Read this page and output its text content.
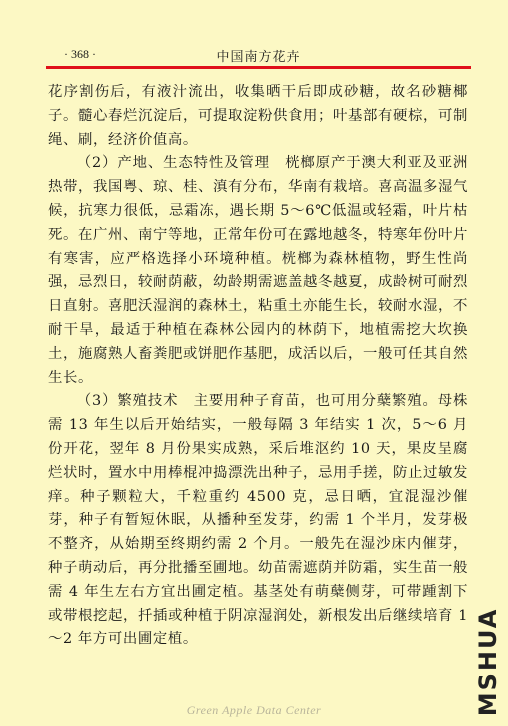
· 368 ·	中国南方花卉

花序割伤后，有液汁流出，收集晒干后即成砂糖，故名砂糖椰子。髓心春烂沉淀后，可提取淀粉供食用；叶基部有硬棕，可制绳、刷，经济价值高。

（2）产地、生态特性及管理　桄榔原产于澳大利亚及亚洲热带，我国粤、琼、桂、滇有分布，华南有栽培。喜高温多湿气候，抗寒力很低，忌霜冻，遇长期 5～6℃低温或轻霜，叶片枯死。在广州、南宁等地，正常年份可在露地越冬，特寒年份叶片有寒害，应严格选择小环境种植。桄榔为森林植物，野生性尚强，忌烈日，较耐荫蔽，幼龄期需遮盖越冬越夏，成龄树可耐烈日直射。喜肥沃湿润的森林土，粘重土亦能生长，较耐水湿，不耐干旱，最适于种植在森林公园内的林荫下，地植需挖大坎换土，施腐熟人畜粪肥或饼肥作基肥，成活以后，一般可任其自然生长。

（3）繁殖技术　主要用种子育苗，也可用分蘖繁殖。母株需 13 年生以后开始结实，一般每隔 3 年结实 1 次，5～6 月份开花，翌年 8 月份果实成熟，采后堆沤约 10 天，果皮呈腐烂状时，置水中用棒棍冲捣漂洗出种子，忌用手搓，防止过敏发痒。种子颗粒大，千粒重约 4500 克，忌日晒，宜混湿沙催芽，种子有暂短休眠，从播种至发芽，约需 1 个半月，发芽极不整齐，从始期至终期约需 2 个月。一般先在湿沙床内催芽，种子萌动后，再分批播至圃地。幼苗需遮荫并防霜，实生苗一般需 4 年生左右方宜出圃定植。基茎处有萌蘖侧芽，可带踵割下或带根挖起，扦插或种植于阴凉湿润处，新根发出后继续培育 1～2 年方可出圃定植。	MSHUA
Green Apple Data Center
